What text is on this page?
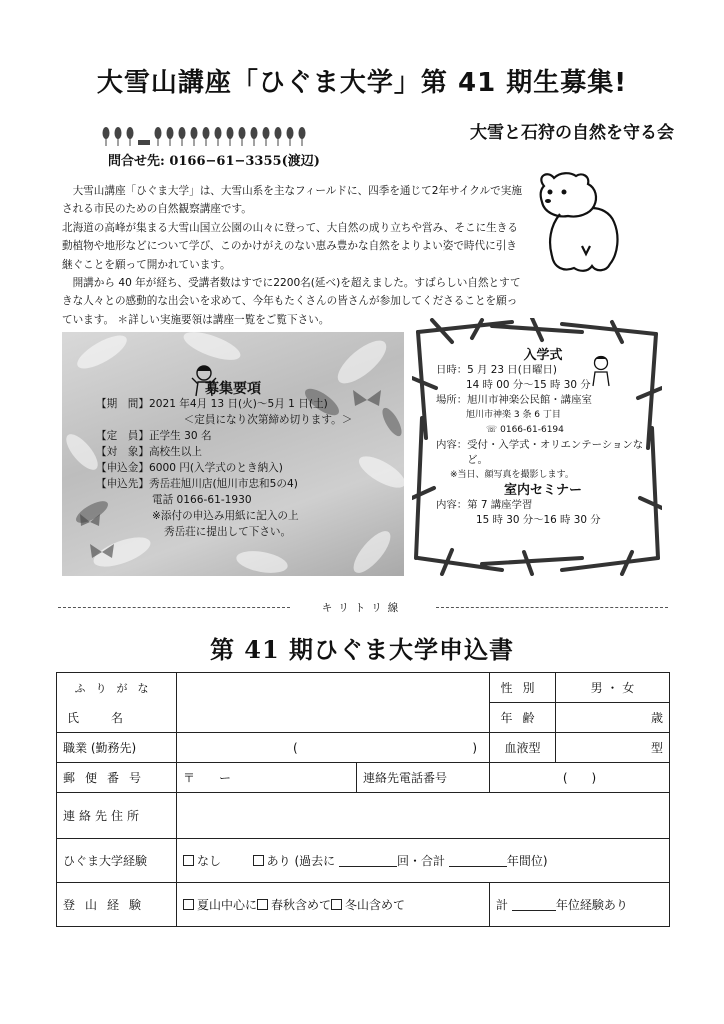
大雪山講座「ひぐま大学」第 41 期生募集!
大雪と石狩の自然を守る会
問合せ先: 0166−61−3355(渡辺)

大雪山講座「ひぐま大学」は、大雪山系を主なフィールドに、四季を通じて2年サイクルで実施される市民のための自然観察講座です。

北海道の高峰が集まる大雪山国立公園の山々に登って、大自然の成り立ちや営み、そこに生きる動植物や地形などについて学び、このかけがえのない恵み豊かな自然をよりよい姿で時代に引き継ぐことを願って開かれています。

開講から 40 年が経ち、受講者数はすでに2200名(延べ)を超えました。すばらしい自然とすてきな人々との感動的な出会いを求めて、今年もたくさんの皆さんが参加してくださることを願っています。 ＊詳しい実施要領は講座一覧をご覧下さい。

募集要項
【期　間】2021 年4月 13 日(火)〜5月 1 日(土)
＜定員になり次第締め切ります。＞
【定　員】正学生 30 名
【対　象】高校生以上
【申込金】6000 円(入学式のとき納入)
【申込先】秀岳荘旭川店(旭川市忠和5の4)
電話 0166-61-1930
※添付の申込み用紙に記入の上
秀岳荘に提出して下さい。
入学式
日時：5 月 23 日(日曜日)
14 時 00 分〜15 時 30 分
場所：旭川市神楽公民館・講座室
旭川市神楽 3 条 6 丁目
☏ 0166-61-6194
内容： 受付・入学式・オリエンテーションなど。
※当日、顔写真を撮影します。
室内セミナー
内容：第 7 講座学習
15 時 30 分〜16 時 30 分
キリトリ線
第 41 期ひぐま大学申込書
ふりがな			性別	男 ・ 女
氏　名			年齢	歳
職業 (勤務先)	( )		血液型	型
郵便番号	〒　　ー	連絡先電話番号	(　　)	
連絡先住所	
ひぐま大学経験	なし あり (過去に 回・合計 年間位)			
登山経験	夏山中心に 春秋含めて 冬山含めて		計 年位経験あり	
